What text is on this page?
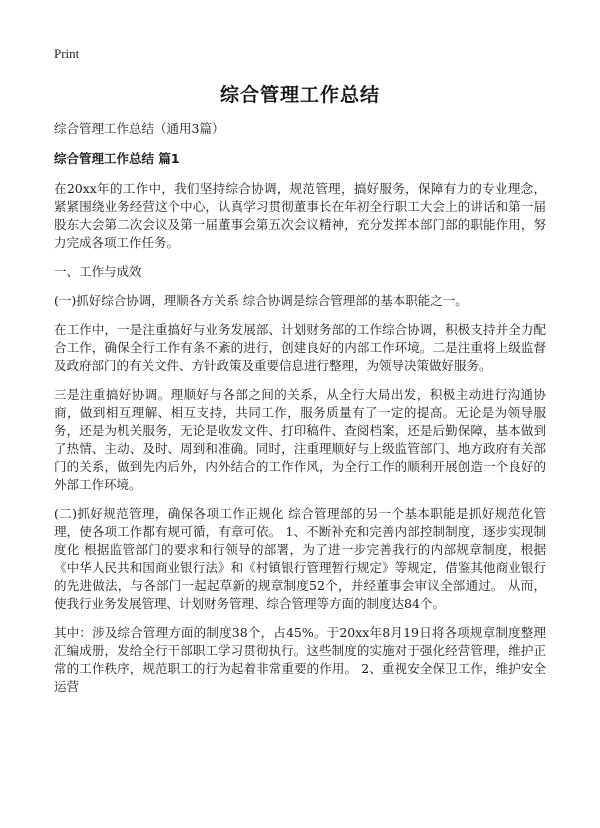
Print
综合管理工作总结

综合管理工作总结（通用3篇）

综合管理工作总结 篇1

在20xx年的工作中，我们坚持综合协调，规范管理，搞好服务，保障有力的专业理念，紧紧围绕业务经营这个中心，认真学习贯彻董事长在年初全行职工大会上的讲话和第一届股东大会第二次会议及第一届董事会第五次会议精神，充分发挥本部门部的职能作用，努力完成各项工作任务。

一、工作与成效

(一)抓好综合协调，理顺各方关系 综合协调是综合管理部的基本职能之一。

在工作中，一是注重搞好与业务发展部、计划财务部的工作综合协调，积极支持并全力配合工作，确保全行工作有条不紊的进行，创建良好的内部工作环境。二是注重将上级监督及政府部门的有关文件、方针政策及重要信息进行整理，为领导决策做好服务。

三是注重搞好协调。理顺好与各部之间的关系，从全行大局出发，积极主动进行沟通协商，做到相互理解、相互支持，共同工作，服务质量有了一定的提高。无论是为领导服务，还是为机关服务，无论是收发文件、打印稿件、查阅档案，还是后勤保障，基本做到了热情、主动、及时、周到和准确。同时，注重理顺好与上级监管部门、地方政府有关部门的关系，做到先内后外，内外结合的工作作风，为全行工作的顺利开展创造一个良好的外部工作环境。

(二)抓好规范管理，确保各项工作正规化 综合管理部的另一个基本职能是抓好规范化管理，使各项工作都有规可循，有章可依。 1、不断补充和完善内部控制制度，逐步实现制度化 根据监管部门的要求和行领导的部署，为了进一步完善我行的内部规章制度，根据《中华人民共和国商业银行法》和《村镇银行管理暂行规定》等规定，借鉴其他商业银行的先进做法，与各部门一起起草新的规章制度52个，并经董事会审议全部通过。 从而，使我行业务发展管理、计划财务管理、综合管理等方面的制度达84个。

其中：涉及综合管理方面的制度38个，占45%。于20xx年8月19日将各项规章制度整理汇编成册，发给全行干部职工学习贯彻执行。这些制度的实施对于强化经营管理，维护正常的工作秩序，规范职工的行为起着非常重要的作用。 2、重视安全保卫工作，维护安全运营
